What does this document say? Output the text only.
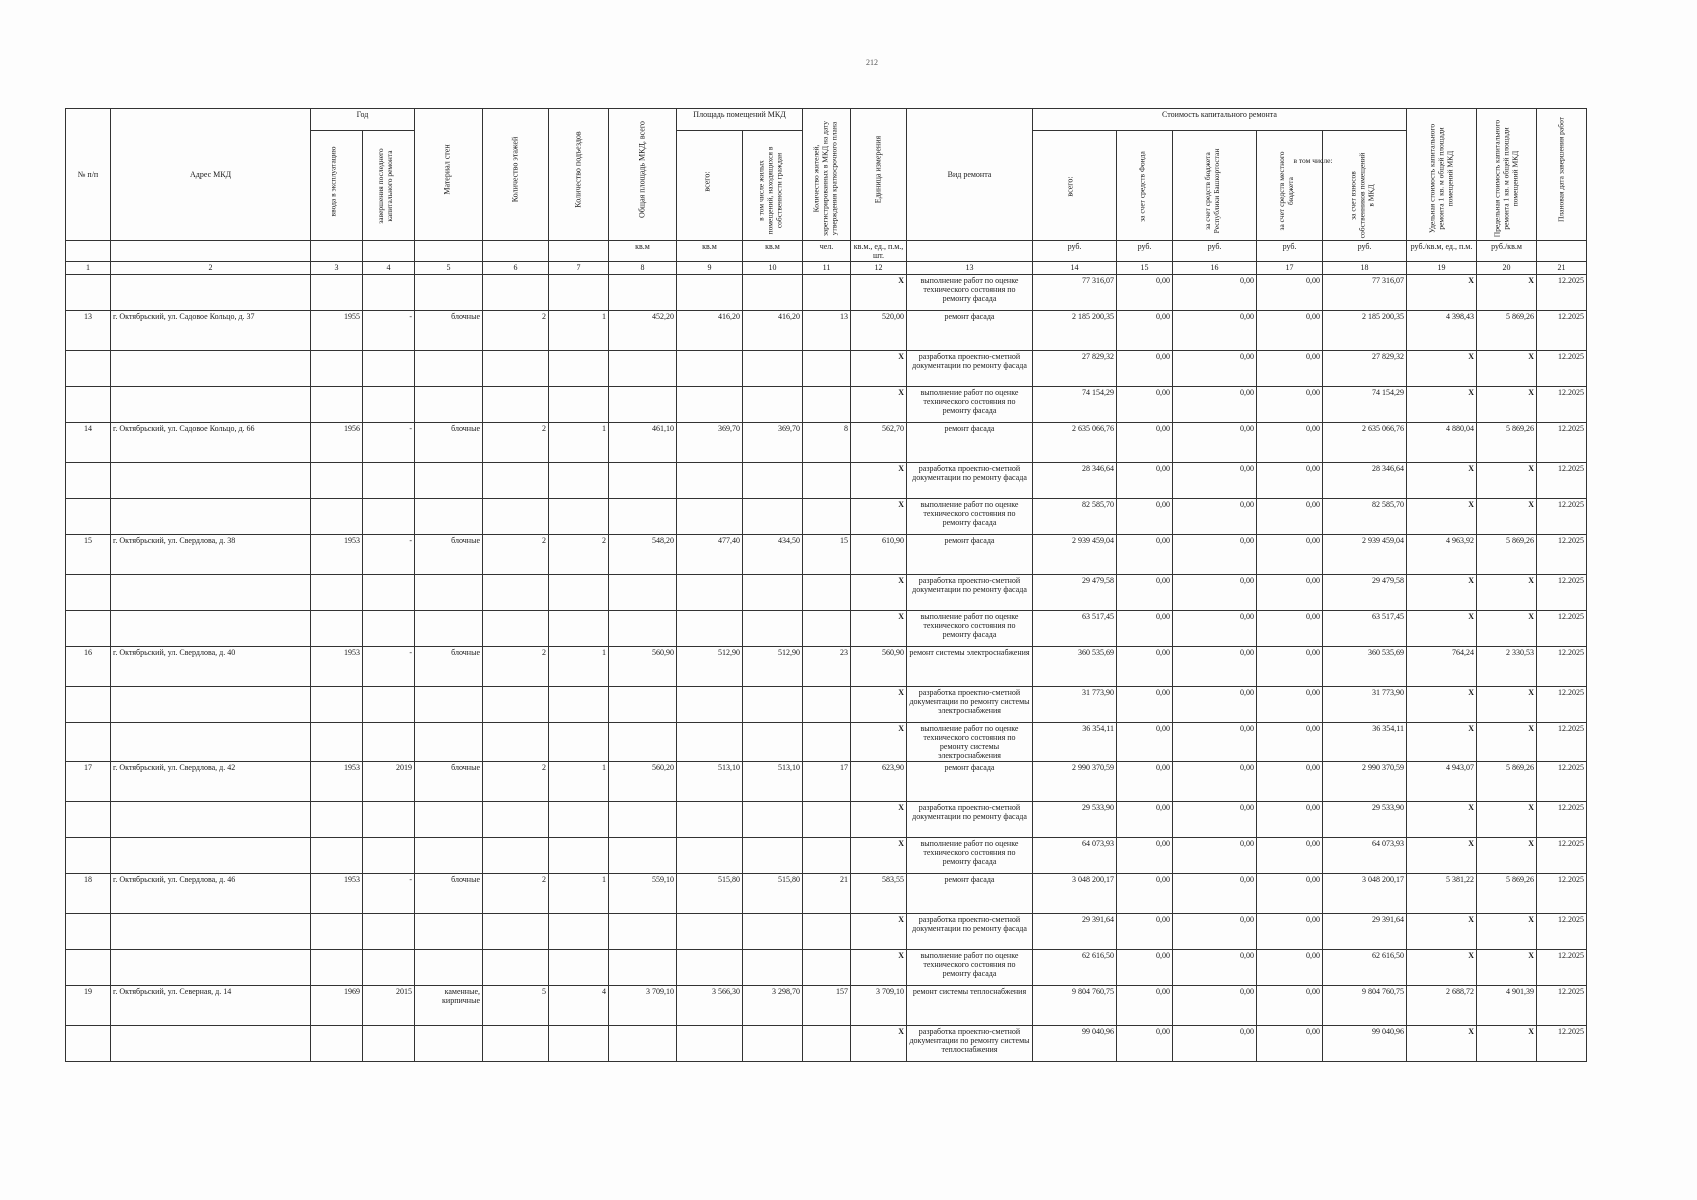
212
№ п/п	Адрес МКД	Год		Материал стен	Количество этажей	Количество подъездов	Общая площадь МКД, всего	Площадь помещений МКД		Количество жителей, зарегистрированных в МКД на дату утверждения краткосрочного плана	Единица измерения	Вид ремонта	Стоимость капитального ремонта					Удельная стоимость капитального ремонта 1 кв. м общей площади помещений МКД	Предельная стоимость капитального ремонта 1 кв. м общей площади помещений МКД	Плановая дата завершения работ

		ввода в эксплуатацию	завершения последнего капитального ремонта					всего:	в том числе жилых помещений, находящихся в собственности граждан				всего:	за счет средств Фонда	за счет средств бюджета Республики Башкортостан	за счет средств местного бюджета	за счет взносов собственников помещений в МКД			

							кв.м	кв.м	кв.м	чел.	кв.м., ед., п.м., шт.		руб.	руб.	руб.	руб.	руб.	руб./кв.м, ед., п.м.	руб./кв.м	
1	2	3	4	5	6	7	8	9	10	11	12	13	14	15	16	17	18	19	20	21
											X	выполнение работ по оценке технического состояния по ремонту фасада	77 316,07	0,00	0,00	0,00	77 316,07	X	X	12.2025
13	г. Октябрьский, ул. Садовое Кольцо, д. 37	1955	-	блочные	2	1	452,20	416,20	416,20	13	520,00	ремонт фасада	2 185 200,35	0,00	0,00	0,00	2 185 200,35	4 398,43	5 869,26	12.2025
											X	разработка проектно-сметной документации по ремонту фасада	27 829,32	0,00	0,00	0,00	27 829,32	X	X	12.2025
											X	выполнение работ по оценке технического состояния по ремонту фасада	74 154,29	0,00	0,00	0,00	74 154,29	X	X	12.2025
14	г. Октябрьский, ул. Садовое Кольцо, д. 66	1956	-	блочные	2	1	461,10	369,70	369,70	8	562,70	ремонт фасада	2 635 066,76	0,00	0,00	0,00	2 635 066,76	4 880,04	5 869,26	12.2025
											X	разработка проектно-сметной документации по ремонту фасада	28 346,64	0,00	0,00	0,00	28 346,64	X	X	12.2025
											X	выполнение работ по оценке технического состояния по ремонту фасада	82 585,70	0,00	0,00	0,00	82 585,70	X	X	12.2025
15	г. Октябрьский, ул. Свердлова, д. 38	1953	-	блочные	2	2	548,20	477,40	434,50	15	610,90	ремонт фасада	2 939 459,04	0,00	0,00	0,00	2 939 459,04	4 963,92	5 869,26	12.2025
											X	разработка проектно-сметной документации по ремонту фасада	29 479,58	0,00	0,00	0,00	29 479,58	X	X	12.2025
											X	выполнение работ по оценке технического состояния по ремонту фасада	63 517,45	0,00	0,00	0,00	63 517,45	X	X	12.2025
16	г. Октябрьский, ул. Свердлова, д. 40	1953	-	блочные	2	1	560,90	512,90	512,90	23	560,90	ремонт системы электроснабжения	360 535,69	0,00	0,00	0,00	360 535,69	764,24	2 330,53	12.2025
											X	разработка проектно-сметной документации по ремонту системы электроснабжения	31 773,90	0,00	0,00	0,00	31 773,90	X	X	12.2025
											X	выполнение работ по оценке технического состояния по ремонту системы электроснабжения	36 354,11	0,00	0,00	0,00	36 354,11	X	X	12.2025
17	г. Октябрьский, ул. Свердлова, д. 42	1953	2019	блочные	2	1	560,20	513,10	513,10	17	623,90	ремонт фасада	2 990 370,59	0,00	0,00	0,00	2 990 370,59	4 943,07	5 869,26	12.2025
											X	разработка проектно-сметной документации по ремонту фасада	29 533,90	0,00	0,00	0,00	29 533,90	X	X	12.2025
											X	выполнение работ по оценке технического состояния по ремонту фасада	64 073,93	0,00	0,00	0,00	64 073,93	X	X	12.2025
18	г. Октябрьский, ул. Свердлова, д. 46	1953	-	блочные	2	1	559,10	515,80	515,80	21	583,55	ремонт фасада	3 048 200,17	0,00	0,00	0,00	3 048 200,17	5 381,22	5 869,26	12.2025
											X	разработка проектно-сметной документации по ремонту фасада	29 391,64	0,00	0,00	0,00	29 391,64	X	X	12.2025
											X	выполнение работ по оценке технического состояния по ремонту фасада	62 616,50	0,00	0,00	0,00	62 616,50	X	X	12.2025
19	г. Октябрьский, ул. Северная, д. 14	1969	2015	каменные, кирпичные	5	4	3 709,10	3 566,30	3 298,70	157	3 709,10	ремонт системы теплоснабжения	9 804 760,75	0,00	0,00	0,00	9 804 760,75	2 688,72	4 901,39	12.2025
											X	разработка проектно-сметной документации по ремонту системы теплоснабжения	99 040,96	0,00	0,00	0,00	99 040,96	X	X	12.2025
в том числе:
